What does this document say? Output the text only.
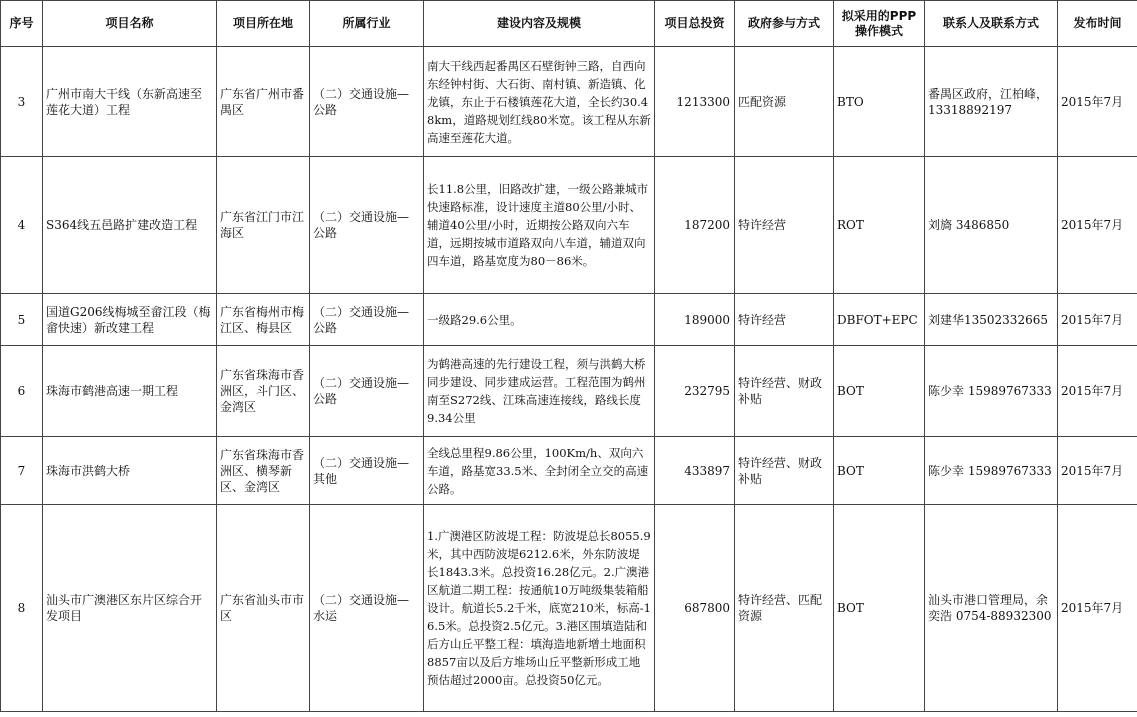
序号	项目名称	项目所在地	所属行业	建设内容及规模	项目总投资	政府参与方式	拟采用的PPP操作模式	联系人及联系方式	发布时间
3	广州市南大干线（东新高速至莲花大道）工程	广东省广州市番禺区	（二）交通设施—公路	南大干线西起番禺区石壁街钟三路，自西向东经钟村街、大石街、南村镇、新造镇、化龙镇，东止于石楼镇莲花大道，全长约30.48km，道路规划红线80米宽。该工程从东新高速至莲花大道。	1213300	匹配资源	BTO	番禺区政府，江柏峰，13318892197	2015年7月
4	S364线五邑路扩建改造工程	广东省江门市江海区	（二）交通设施—公路	长11.8公里，旧路改扩建，一级公路兼城市快速路标准，设计速度主道80公里/小时、辅道40公里/小时，近期按公路双向六车道，远期按城市道路双向八车道，辅道双向四车道，路基宽度为80－86米。	187200	特许经营	ROT	刘旖 3486850	2015年7月
5	国道G206线梅城至畲江段（梅畲快速）新改建工程	广东省梅州市梅江区、梅县区	（二）交通设施—公路	一级路29.6公里。	189000	特许经营	DBFOT+EPC	刘建华13502332665	2015年7月
6	珠海市鹤港高速一期工程	广东省珠海市香洲区，斗门区、金湾区	（二）交通设施—公路	为鹤港高速的先行建设工程，须与洪鹤大桥同步建设、同步建成运营。工程范围为鹤州南至S272线、江珠高速连接线，路线长度9.34公里	232795	特许经营、财政补贴	BOT	陈少幸 15989767333	2015年7月
7	珠海市洪鹤大桥	广东省珠海市香洲区、横琴新区、金湾区	（二）交通设施—其他	全线总里程9.86公里，100Km/h、双向六车道，路基宽33.5米、全封闭全立交的高速公路。	433897	特许经营、财政补贴	BOT	陈少幸 15989767333	2015年7月
8	汕头市广澳港区东片区综合开发项目	广东省汕头市市区	（二）交通设施—水运	1.广澳港区防波堤工程：防波堤总长8055.9米，其中西防波堤6212.6米，外东防波堤长1843.3米。总投资16.28亿元。2.广澳港区航道二期工程：按通航10万吨级集装箱船设计。航道长5.2千米，底宽210米，标高-16.5米。总投资2.5亿元。3.港区围填造陆和后方山丘平整工程：填海造地新增土地面积8857亩以及后方堆场山丘平整新形成工地预估超过2000亩。总投资50亿元。	687800	特许经营、匹配资源	BOT	汕头市港口管理局，余奕浩 0754-88932300	2015年7月
